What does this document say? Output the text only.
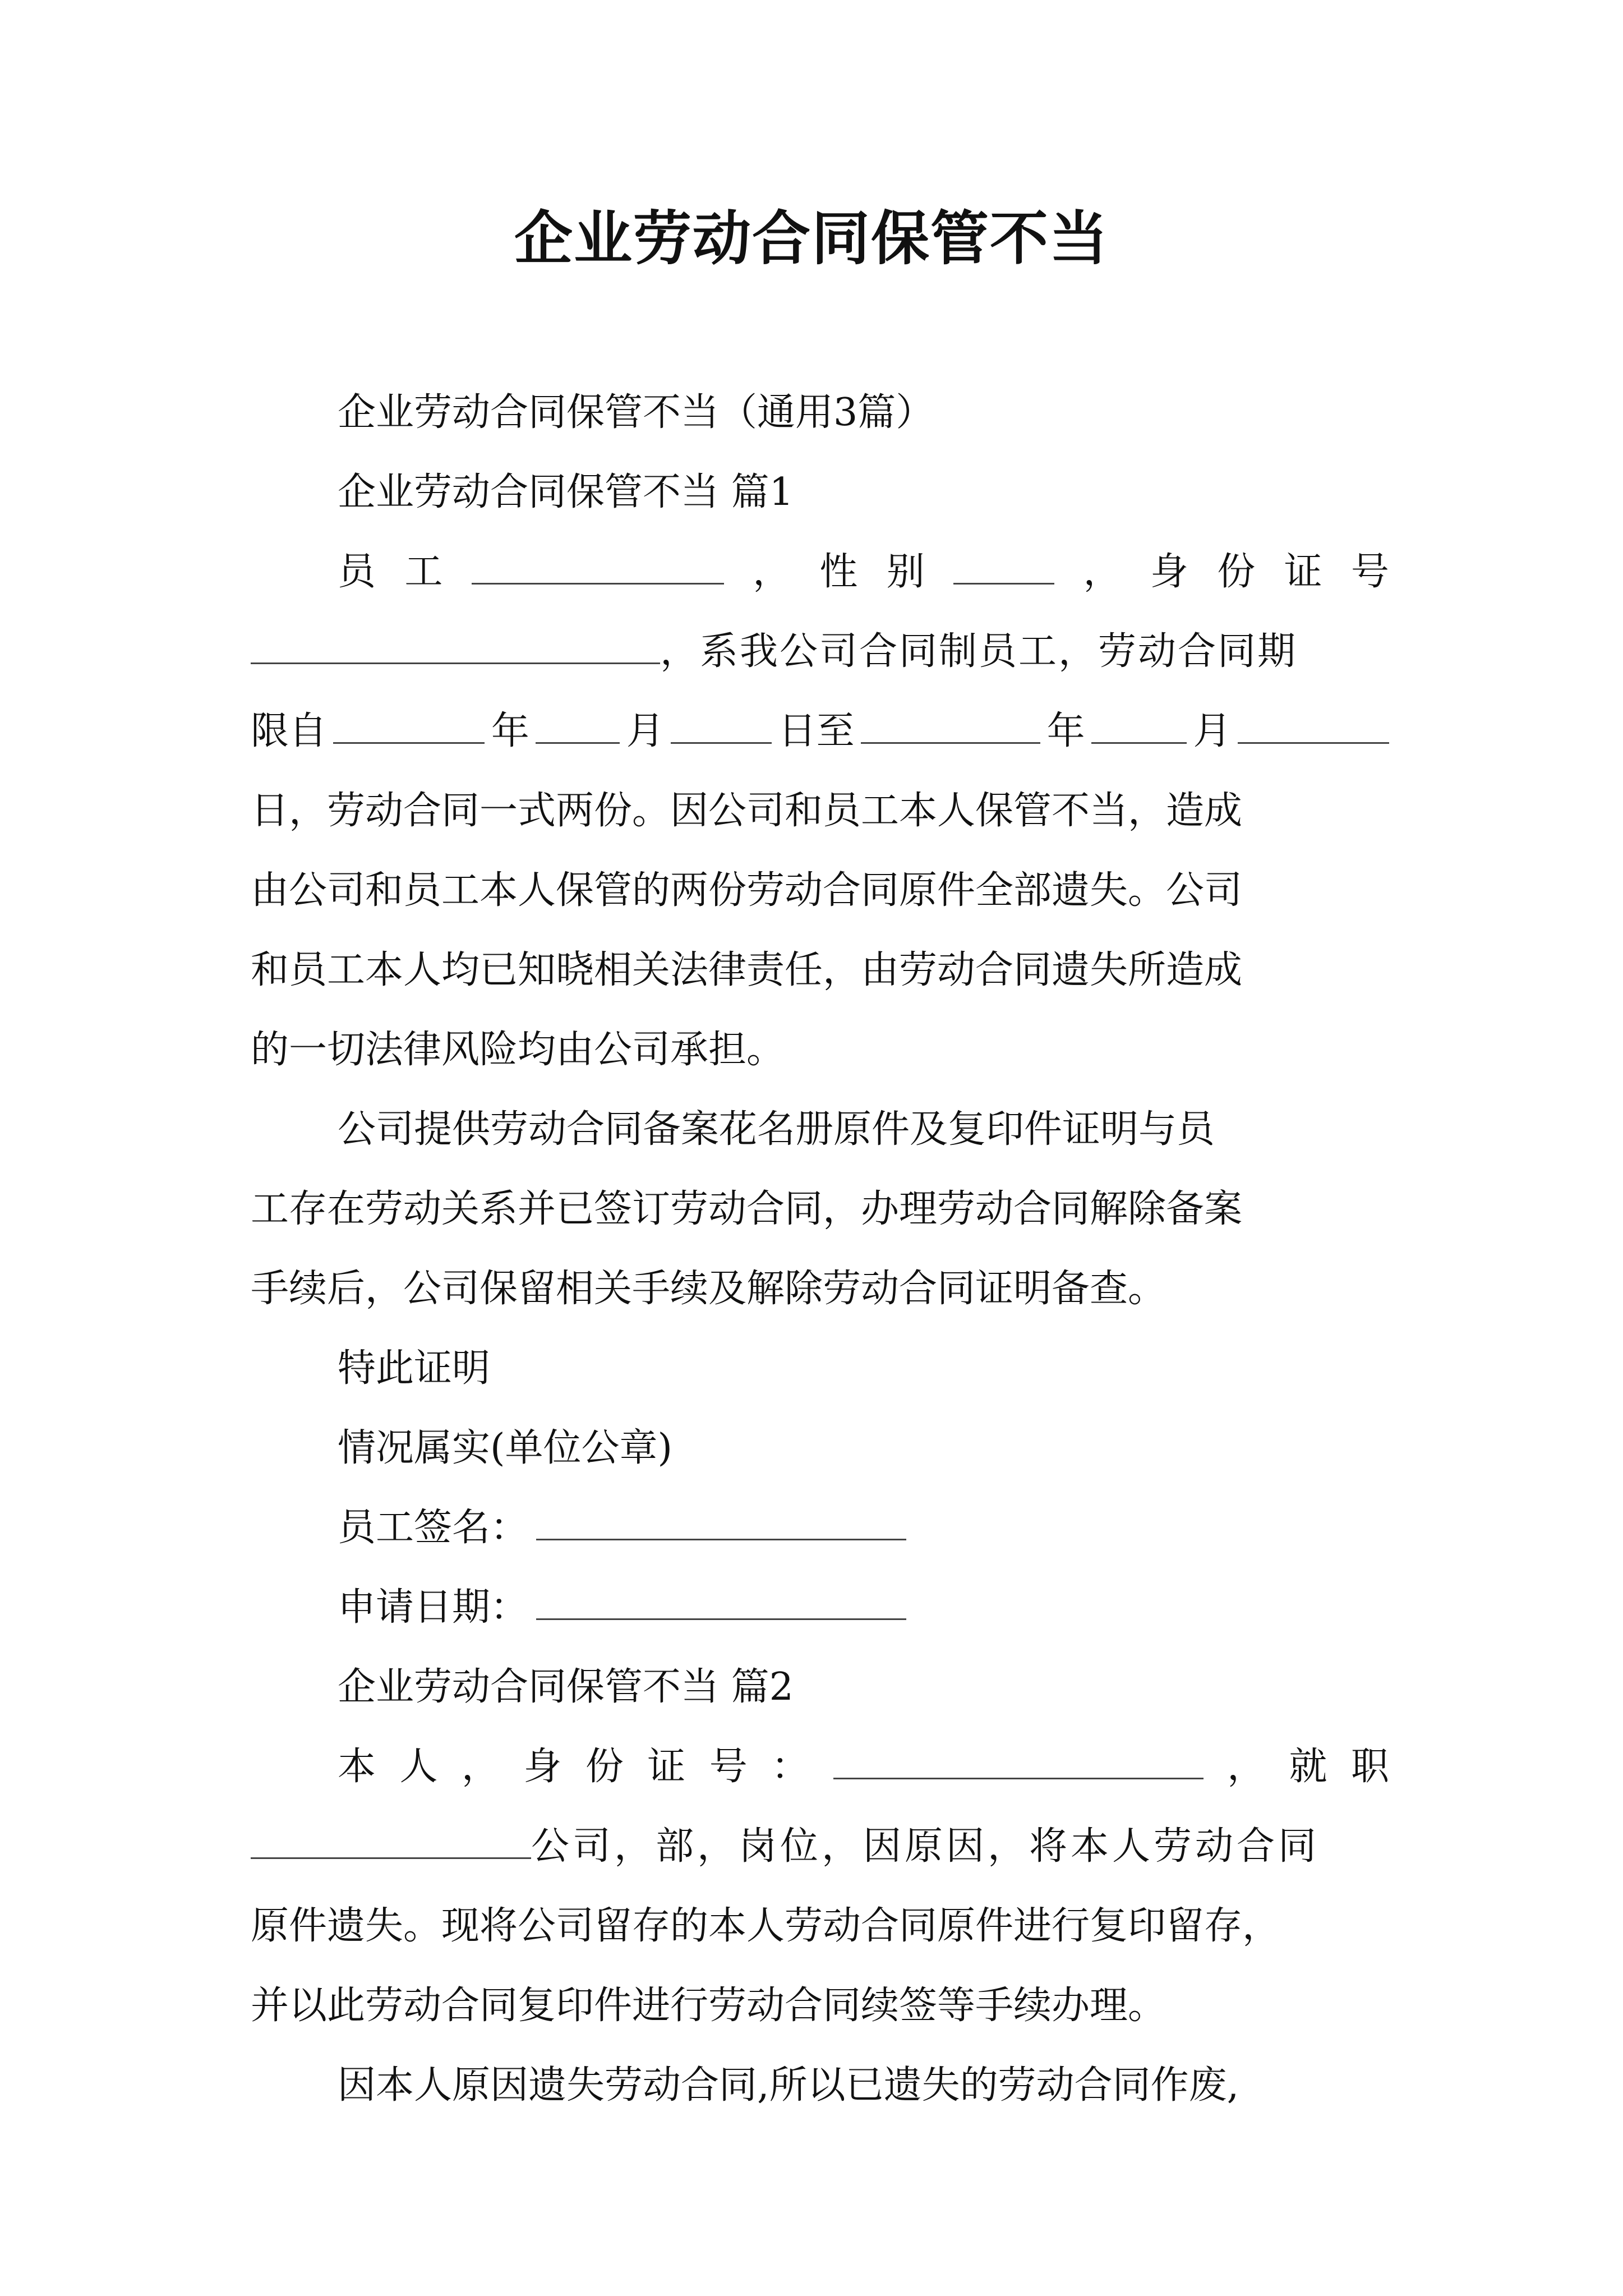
企业劳动合同保管不当
企业劳动合同保管不当（通用3篇）
企业劳动合同保管不当 篇1
员 工	， 性 别	， 身 份 证 号
，系我公司合同制员工，劳动合同期
限自	年	月	日至	年	月
日，劳动合同一式两份。因公司和员工本人保管不当，造成
由公司和员工本人保管的两份劳动合同原件全部遗失。公司
和员工本人均已知晓相关法律责任，由劳动合同遗失所造成
的一切法律风险均由公司承担。
公司提供劳动合同备案花名册原件及复印件证明与员
工存在劳动关系并已签订劳动合同，办理劳动合同解除备案
手续后，公司保留相关手续及解除劳动合同证明备查。
特此证明
情况属实(单位公章)
员工签名：
申请日期：
企业劳动合同保管不当 篇2
本 人 ， 身 份 证 号 ：	， 就 职
公司，部，岗位，因原因，将本人劳动合同
原件遗失。现将公司留存的本人劳动合同原件进行复印留存，
并以此劳动合同复印件进行劳动合同续签等手续办理。
因本人原因遗失劳动合同,所以已遗失的劳动合同作废,
